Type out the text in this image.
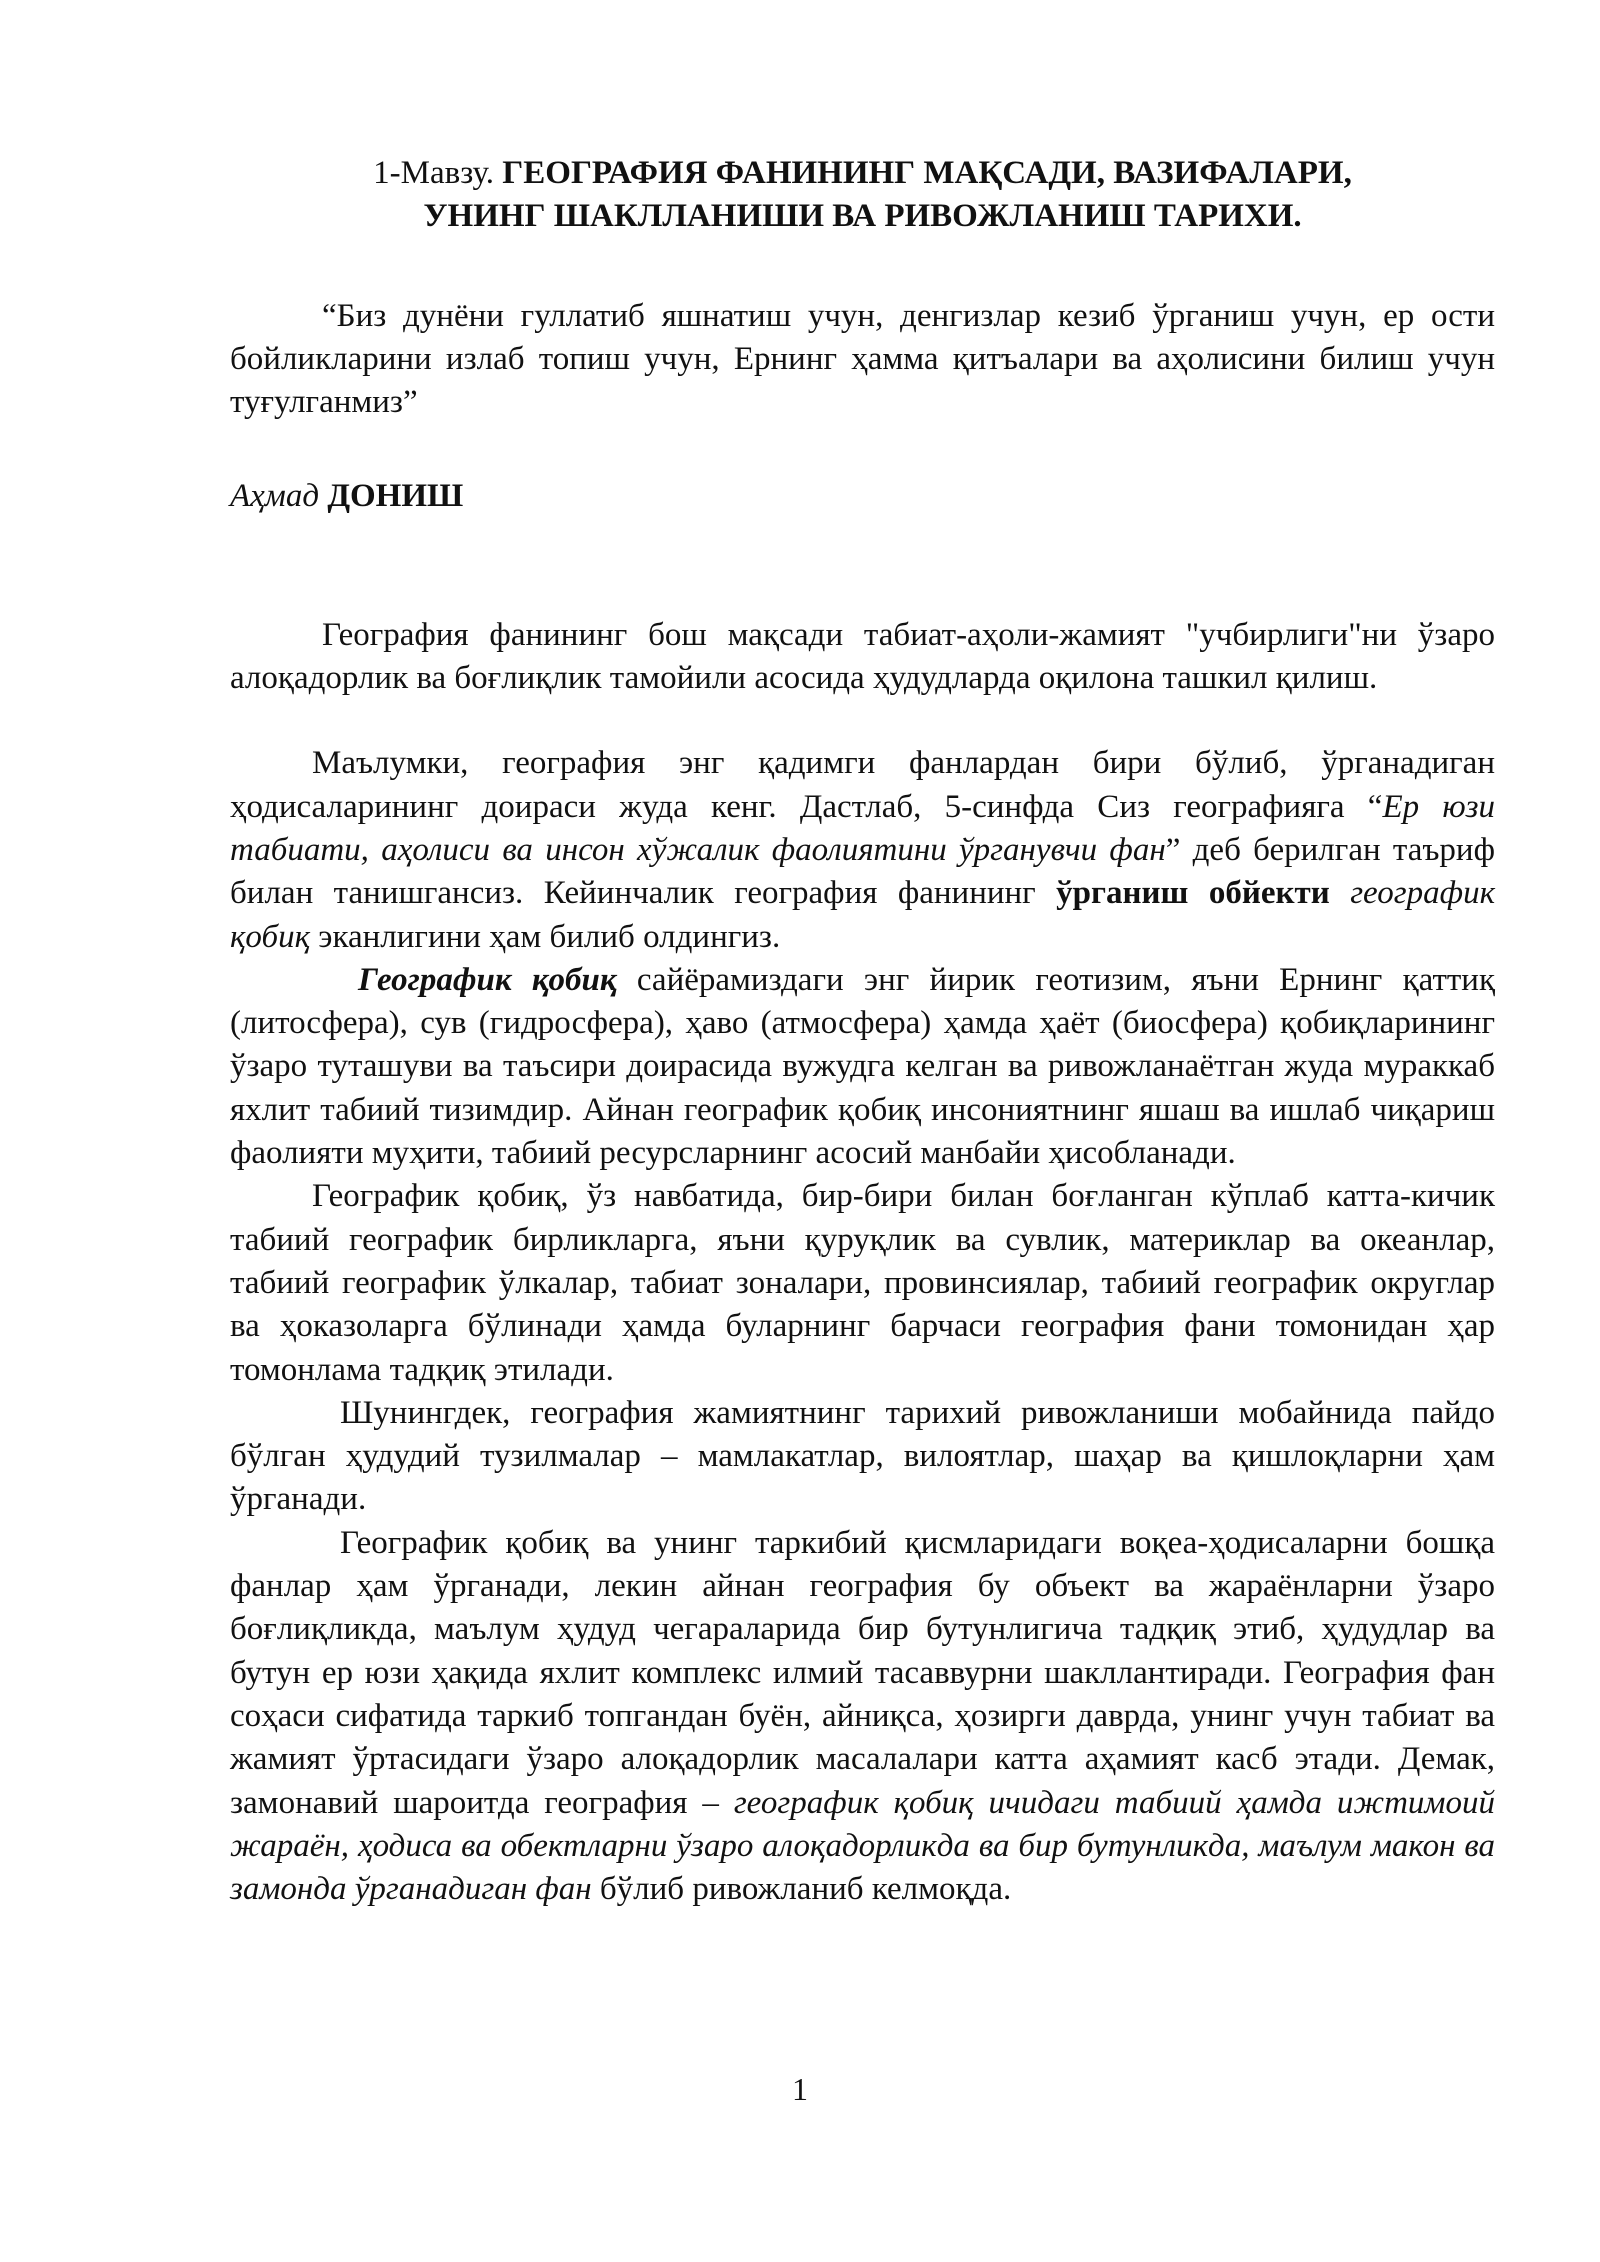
1-Мавзу. ГЕОГРАФИЯ ФАНИНИНГ МАҚСАДИ, ВАЗИФАЛАРИ,
УНИНГ ШАКЛЛАНИШИ ВА РИВОЖЛАНИШ ТАРИХИ.

“Биз дунёни гуллатиб яшнатиш учун, денгизлар кезиб ўрганиш учун, ер ости бойликларини излаб топиш учун, Ернинг ҳамма қитъалари ва аҳолисини билиш учун туғулганмиз”

Аҳмад ДОНИШ

География фанининг бош мақсади табиат-аҳоли-жамият "учбирлиги"ни ўзаро алоқадорлик ва боғлиқлик тамойили асосида ҳудудларда оқилона ташкил қилиш.

Маълумки, география энг қадимги фанлардан бири бўлиб, ўрганадиган ҳодисаларининг доираси жуда кенг. Дастлаб, 5-синфда Сиз географияга “Ер юзи табиати, аҳолиси ва инсон хўжалик фаолиятини ўрганувчи фан” деб берилган таъриф билан танишгансиз. Кейинчалик география фанининг ўрганиш обйекти географик қобиқ эканлигини ҳам билиб олдингиз.

Географик қобиқ сайёрамиздаги энг йирик геотизим, яъни Ернинг қаттиқ (литосфера), сув (гидросфера), ҳаво (атмосфера) ҳамда ҳаёт (биосфера) қобиқларининг ўзаро туташуви ва таъсири доирасида вужудга келган ва ривожланаётган жуда мураккаб яхлит табиий тизимдир. Айнан географик қобиқ инсониятнинг яшаш ва ишлаб чиқариш фаолияти муҳити, табиий ресурсларнинг асосий манбайи ҳисобланади.

Географик қобиқ, ўз навбатида, бир-бири билан боғланган кўплаб катта-кичик табиий географик бирликларга, яъни қуруқлик ва сувлик, материклар ва океанлар, табиий географик ўлкалар, табиат зоналари, провинсиялар, табиий географик округлар ва ҳоказоларга бўлинади ҳамда буларнинг барчаси география фани томонидан ҳар томонлама тадқиқ этилади.

Шунингдек, география жамиятнинг тарихий ривожланиши мобайнида пайдо бўлган ҳудудий тузилмалар – мамлакатлар, вилоятлар, шаҳар ва қишлоқларни ҳам ўрганади.

Географик қобиқ ва унинг таркибий қисмларидаги воқеа-ҳодисаларни бошқа фанлар ҳам ўрганади, лекин айнан география бу объект ва жараёнларни ўзаро боғлиқликда, маълум ҳудуд чегараларида бир бутунлигича тадқиқ этиб, ҳудудлар ва бутун ер юзи ҳақида яхлит комплекс илмий тасаввурни шакллантиради. География фан соҳаси сифатида таркиб топгандан буён, айниқса, ҳозирги даврда, унинг учун табиат ва жамият ўртасидаги ўзаро алоқадорлик масалалари катта аҳамият касб этади. Демак, замонавий шароитда география – географик қобиқ ичидаги табиий ҳамда ижтимоий жараён, ҳодиса ва обектларни ўзаро алоқадорликда ва бир бутунликда, маълум макон ва замонда ўрганадиган фан бўлиб ривожланиб келмоқда.

1
